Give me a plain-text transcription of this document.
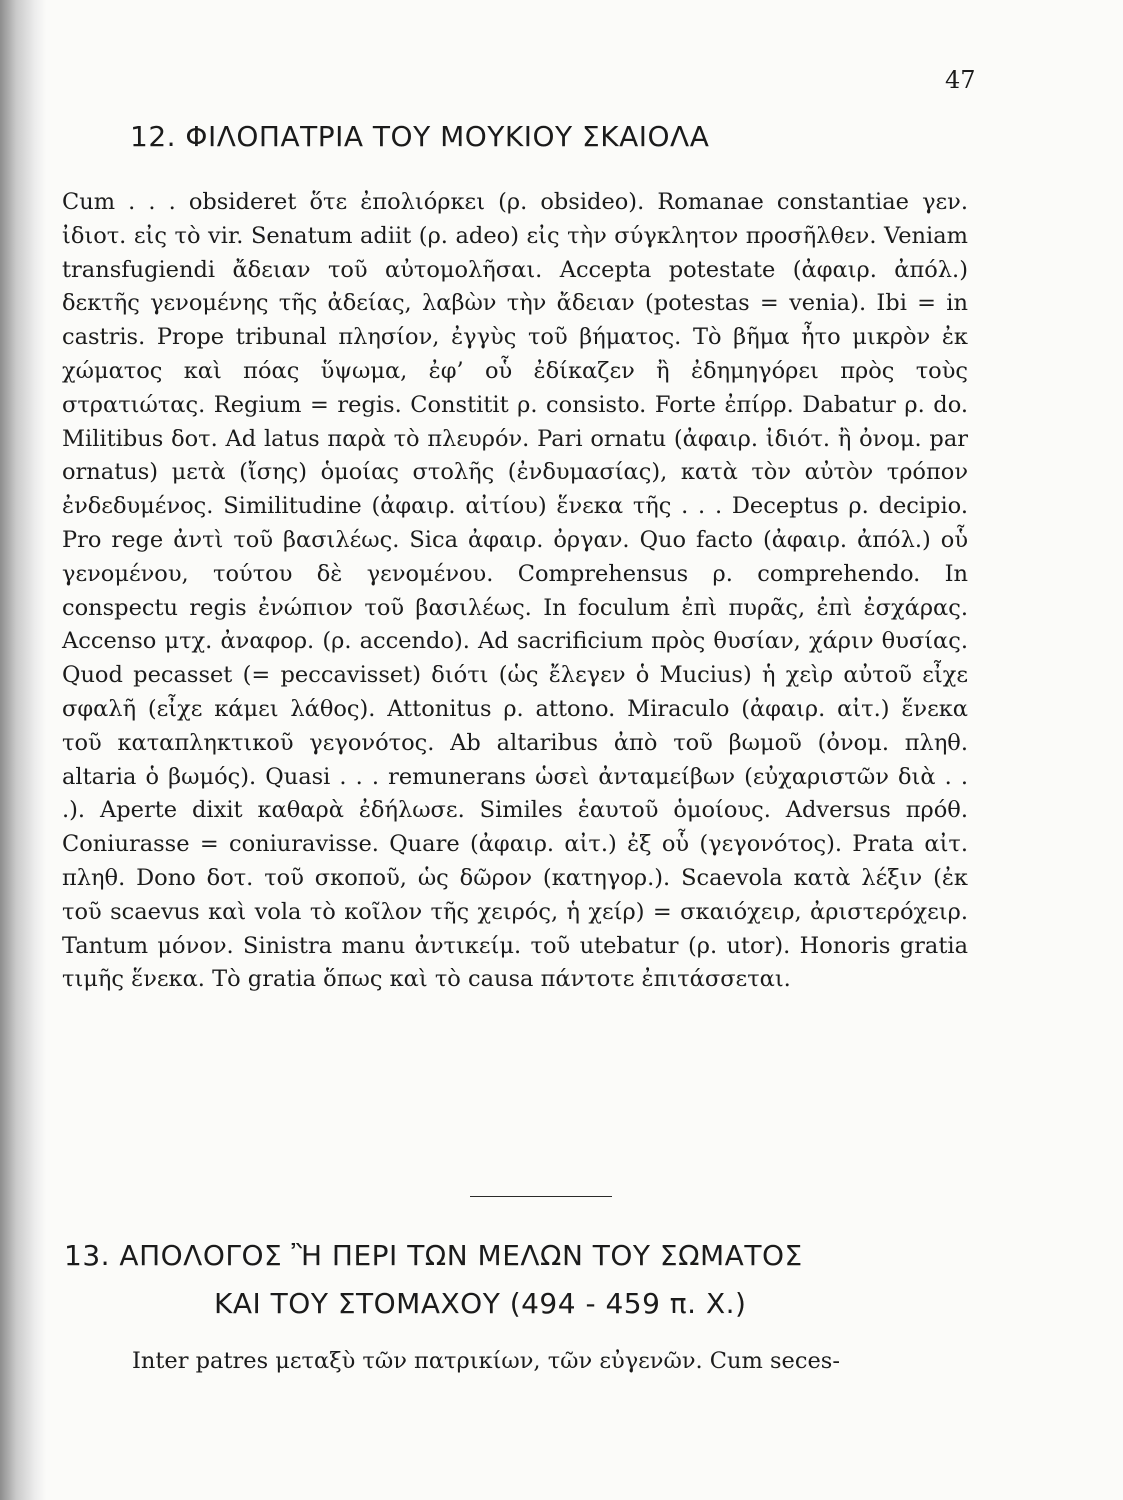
47
12. ΦΙΛΟΠΑΤΡΙΑ ΤΟΥ ΜΟΥΚΙΟΥ ΣΚΑΙΟΛΑ

Cum . . . obsideret ὅτε ἐπολιόρκει (ρ. obsideo). Romanae constantiae γεν. ἰδιοτ. εἰς τὸ vir. Senatum adiit (ρ. adeo) εἰς τὴν σύγκλητον προσῆλθεν. Veniam transfugiendi ἄδειαν τοῦ αὐτομολῆσαι. Accepta potestate (ἀφαιρ. ἀπόλ.) δεκτῆς γενομένης τῆς ἀδείας, λαβὼν τὴν ἄδειαν (potestas = venia). Ibi = in castris. Prope tribunal πλησίον, ἐγγὺς τοῦ βήματος. Τὸ βῆμα ἦτο μικρὸν ἐκ χώματος καὶ πόας ὕψωμα, ἐφ’ οὗ ἐδίκαζεν ἢ ἐδημηγόρει πρὸς τοὺς στρατιώτας. Regium = regis. Constitit ρ. consisto. Forte ἐπίρρ. Dabatur ρ. do. Militibus δοτ. Ad latus παρὰ τὸ πλευρόν. Pari ornatu (ἀφαιρ. ἰδιότ. ἢ ὀνομ. par ornatus) μετὰ (ἴσης) ὁμοίας στολῆς (ἐνδυμασίας), κατὰ τὸν αὐτὸν τρόπον ἐνδεδυμένος. Similitudine (ἀφαιρ. αἰτίου) ἕνεκα τῆς . . . Deceptus ρ. decipio. Pro rege ἀντὶ τοῦ βασιλέως. Sica ἀφαιρ. ὀργαν. Quo facto (ἀφαιρ. ἀπόλ.) οὗ γενομένου, τούτου δὲ γενομένου. Comprehensus ρ. comprehendo. In conspectu regis ἐνώπιον τοῦ βασιλέως. In foculum ἐπὶ πυρᾶς, ἐπὶ ἐσχάρας. Accenso μτχ. ἀναφορ. (ρ. accendo). Ad sacrificium πρὸς θυσίαν, χάριν θυσίας. Quod pecasset (= peccavisset) διότι (ὡς ἔλεγεν ὁ Mucius) ἡ χεὶρ αὐτοῦ εἶχε σφαλῆ (εἶχε κάμει λάθος). Attonitus ρ. attono. Miraculo (ἀφαιρ. αἰτ.) ἕνεκα τοῦ καταπληκτικοῦ γεγονότος. Ab altaribus ἀπὸ τοῦ βωμοῦ (ὀνομ. πληθ. altaria ὁ βωμός). Quasi . . . remunerans ὡσεὶ ἀνταμείβων (εὐχαριστῶν διὰ . . .). Aperte dixit καθαρὰ ἐδήλωσε. Similes ἑαυτοῦ ὁμοίους. Adversus πρόθ. Coniurasse = coniuravisse. Quare (ἀφαιρ. αἰτ.) ἐξ οὗ (γεγονότος). Prata αἰτ. πληθ. Dono δοτ. τοῦ σκοποῦ, ὡς δῶρον (κατηγορ.). Scaevola κατὰ λέξιν (ἐκ τοῦ scaevus καὶ vola τὸ κοῖλον τῆς χειρός, ἡ χείρ) = σκαιόχειρ, ἀριστερόχειρ. Tantum μόνον. Sinistra manu ἀντικείμ. τοῦ utebatur (ρ. utor). Honoris gratia τιμῆς ἕνεκα. Τὸ gratia ὅπως καὶ τὸ causa πάντοτε ἐπιτάσσεται.

13. ΑΠΟΛΟΓΟΣ Ἢ ΠΕΡΙ ΤΩΝ ΜΕΛΩΝ ΤΟΥ ΣΩΜΑΤΟΣ
ΚΑΙ ΤΟΥ ΣΤΟΜΑΧΟΥ (494 - 459 π. Χ.)

Inter patres μεταξὺ τῶν πατρικίων, τῶν εὐγενῶν. Cum seces-
